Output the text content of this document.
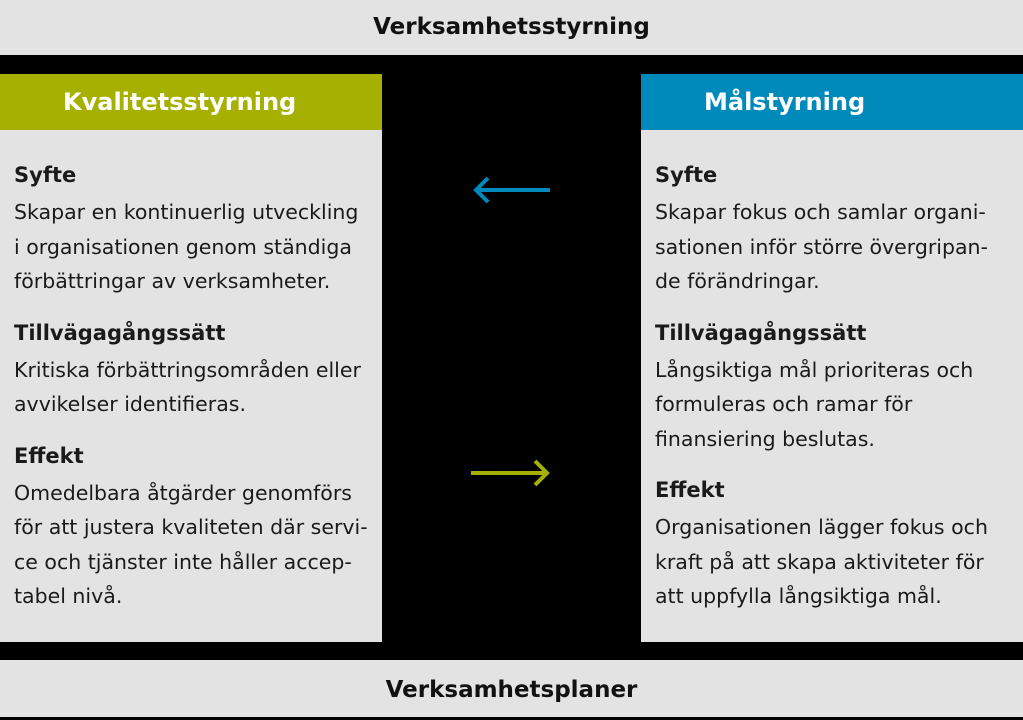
Verksamhetsstyrning
Kvalitetsstyrning
Syfte
Skapar en kontinuerlig utveckling
i organisationen genom ständiga
förbättringar av verksamheter.
Tillvägagångssätt
Kritiska förbättringsområden eller
avvikelser identifieras.
Effekt
Omedelbara åtgärder genomförs
för att justera kvaliteten där servi-
ce och tjänster inte håller accep-
tabel nivå.
Målstyrning
Syfte
Skapar fokus och samlar organi-
sationen inför större övergripan-
de förändringar.
Tillvägagångssätt
Långsiktiga mål prioriteras och
formuleras och ramar för
finansiering beslutas.
Effekt
Organisationen lägger fokus och
kraft på att skapa aktiviteter för
att uppfylla långsiktiga mål.
Verksamhetsplaner
